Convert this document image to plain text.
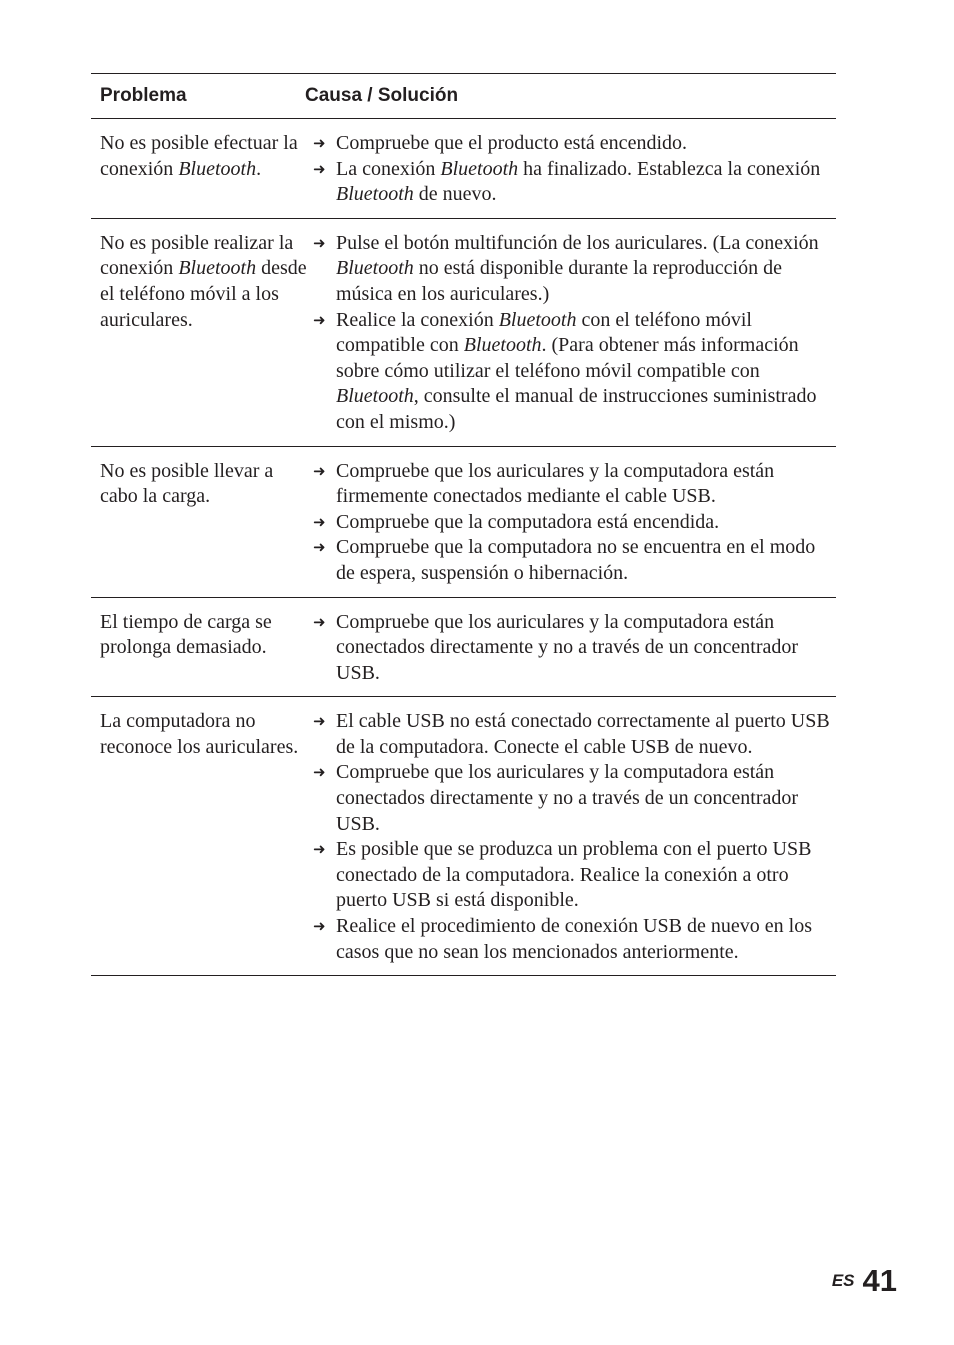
Problema	Causa / Solución
No es posible efectuar la conexión Bluetooth.
➜ Compruebe que el producto está encendido.
➜ La conexión Bluetooth ha finalizado. Establezca la conexión Bluetooth de nuevo.
No es posible realizar la conexión Bluetooth desde el teléfono móvil a los auriculares.
➜ Pulse el botón multifunción de los auriculares. (La conexión Bluetooth no está disponible durante la reproducción de música en los auriculares.)
➜ Realice la conexión Bluetooth con el teléfono móvil compatible con Bluetooth. (Para obtener más información sobre cómo utilizar el teléfono móvil compatible con Bluetooth, consulte el manual de instrucciones suministrado con el mismo.)
No es posible llevar a cabo la carga.
➜ Compruebe que los auriculares y la computadora están firmemente conectados mediante el cable USB.
➜ Compruebe que la computadora está encendida.
➜ Compruebe que la computadora no se encuentra en el modo de espera, suspensión o hibernación.
El tiempo de carga se prolonga demasiado.
➜ Compruebe que los auriculares y la computadora están conectados directamente y no a través de un concentrador USB.
La computadora no reconoce los auriculares.
➜ El cable USB no está conectado correctamente al puerto USB de la computadora. Conecte el cable USB de nuevo.
➜ Compruebe que los auriculares y la computadora están conectados directamente y no a través de un concentrador USB.
➜ Es posible que se produzca un problema con el puerto USB conectado de la computadora. Realice la conexión a otro puerto USB si está disponible.
➜ Realice el procedimiento de conexión USB de nuevo en los casos que no sean los mencionados anteriormente.
ES 41
